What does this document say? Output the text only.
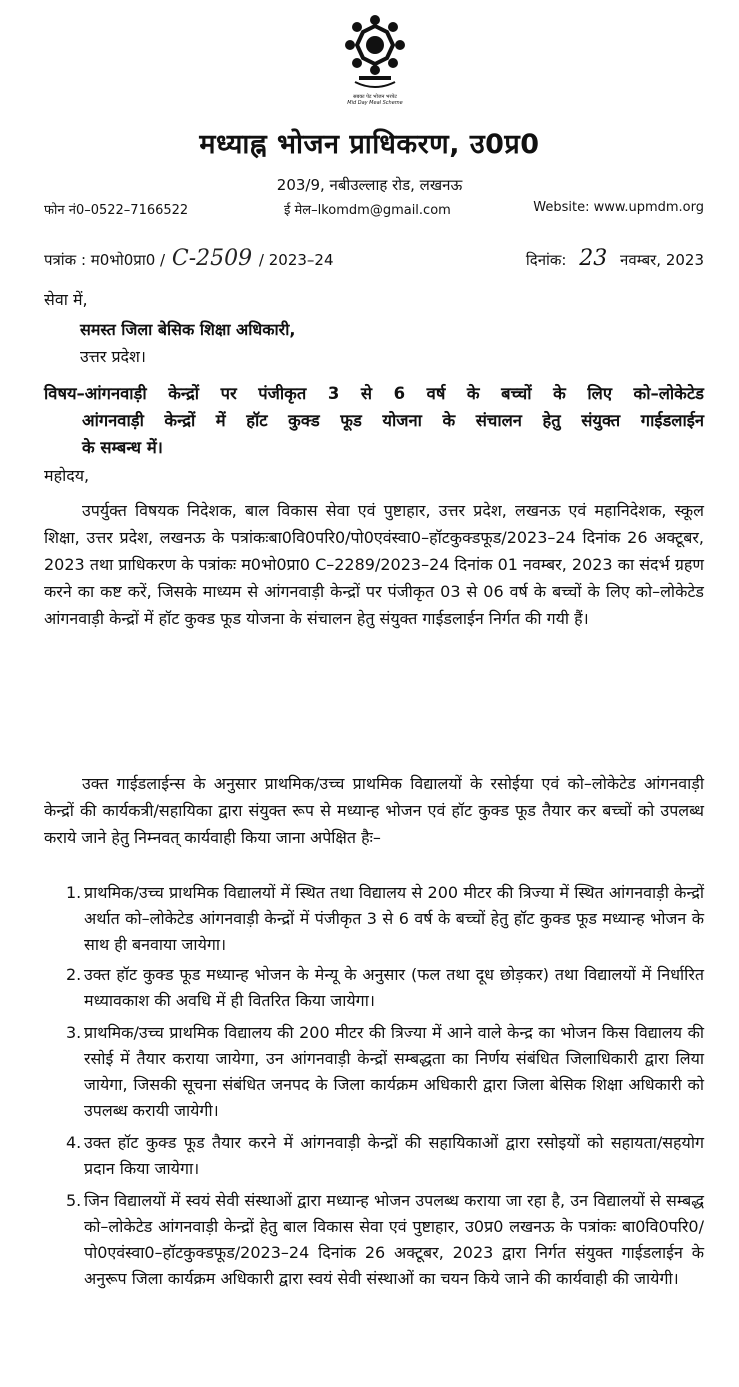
सबका पेट भोजन भरपेट
Mid Day Meal Scheme
मध्याह्न भोजन प्राधिकरण, उ0प्र0
203/9, नबीउल्लाह रोड, लखनऊ
फोन नं0–0522–7166522	ई मेल–lkomdm@gmail.com	Website: www.upmdm.org
पत्रांक : म0भो0प्रा0 / C-2509 / 2023–24	दिनांक: 23 नवम्बर, 2023
सेवा में,
समस्त जिला बेसिक शिक्षा अधिकारी,
उत्तर प्रदेश।
विषय–आंगनवाड़ी केन्द्रों पर पंजीकृत 3 से 6 वर्ष के बच्चों के लिए को–लोकेटेड
आंगनवाड़ी केन्द्रों में हॉट कुक्ड फूड योजना के संचालन हेतु संयुक्त गाईडलाईन
के सम्बन्ध में।
महोदय,
उपर्युक्त विषयक निदेशक, बाल विकास सेवा एवं पुष्टाहार, उत्तर प्रदेश, लखनऊ एवं महानिदेशक, स्कूल शिक्षा, उत्तर प्रदेश, लखनऊ के पत्रांकःबा0वि0परि0/पो0एवंस्वा0–हॉटकुक्डफूड/2023–24 दिनांक 26 अक्टूबर, 2023 तथा प्राधिकरण के पत्रांकः म0भो0प्रा0 C–2289/2023–24 दिनांक 01 नवम्बर, 2023 का संदर्भ ग्रहण करने का कष्ट करें, जिसके माध्यम से आंगनवाड़ी केन्द्रों पर पंजीकृत 03 से 06 वर्ष के बच्चों के लिए को–लोकेटेड आंगनवाड़ी केन्द्रों में हॉट कुक्ड फूड योजना के संचालन हेतु संयुक्त गाईडलाईन निर्गत की गयी हैं।
उक्त गाईडलाईन्स के अनुसार प्राथमिक/उच्च प्राथमिक विद्यालयों के रसोईया एवं को–लोकेटेड आंगनवाड़ी केन्द्रों की कार्यकत्री/सहायिका द्वारा संयुक्त रूप से मध्यान्ह भोजन एवं हॉट कुक्ड फूड तैयार कर बच्चों को उपलब्ध कराये जाने हेतु निम्नवत् कार्यवाही किया जाना अपेक्षित हैः–
1. प्राथमिक/उच्च प्राथमिक विद्यालयों में स्थित तथा विद्यालय से 200 मीटर की त्रिज्या में स्थित आंगनवाड़ी केन्द्रों अर्थात को–लोकेटेड आंगनवाड़ी केन्द्रों में पंजीकृत 3 से 6 वर्ष के बच्चों हेतु हॉट कुक्ड फूड मध्यान्ह भोजन के साथ ही बनवाया जायेगा।
2. उक्त हॉट कुक्ड फूड मध्यान्ह भोजन के मेन्यू के अनुसार (फल तथा दूध छोड़कर) तथा विद्यालयों में निर्धारित मध्यावकाश की अवधि में ही वितरित किया जायेगा।
3. प्राथमिक/उच्च प्राथमिक विद्यालय की 200 मीटर की त्रिज्या में आने वाले केन्द्र का भोजन किस विद्यालय की रसोई में तैयार कराया जायेगा, उन आंगनवाड़ी केन्द्रों सम्बद्धता का निर्णय संबंधित जिलाधिकारी द्वारा लिया जायेगा, जिसकी सूचना संबंधित जनपद के जिला कार्यक्रम अधिकारी द्वारा जिला बेसिक शिक्षा अधिकारी को उपलब्ध करायी जायेगी।
4. उक्त हॉट कुक्ड फूड तैयार करने में आंगनवाड़ी केन्द्रों की सहायिकाओं द्वारा रसोइयों को सहायता/सहयोग प्रदान किया जायेगा।
5. जिन विद्यालयों में स्वयं सेवी संस्थाओं द्वारा मध्यान्ह भोजन उपलब्ध कराया जा रहा है, उन विद्यालयों से सम्बद्ध को–लोकेटेड आंगनवाड़ी केन्द्रों हेतु बाल विकास सेवा एवं पुष्टाहार, उ0प्र0 लखनऊ के पत्रांकः बा0वि0परि0/पो0एवंस्वा0–हॉटकुक्डफूड/2023–24 दिनांक 26 अक्टूबर, 2023 द्वारा निर्गत संयुक्त गाईडलाईन के अनुरूप जिला कार्यक्रम अधिकारी द्वारा स्वयं सेवी संस्थाओं का चयन किये जाने की कार्यवाही की जायेगी।
